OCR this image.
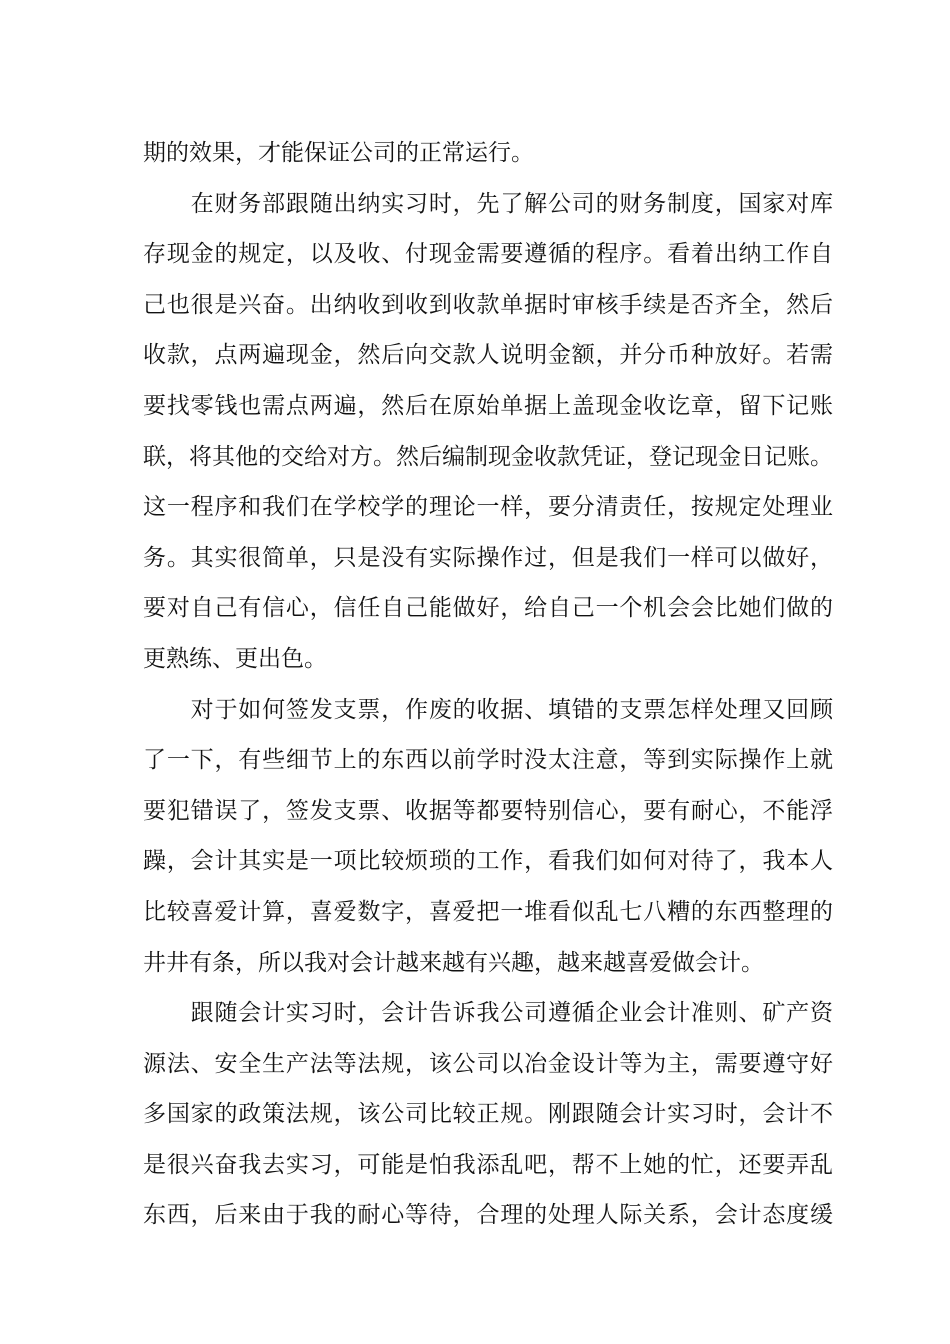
期的效果，才能保证公司的正常运行。
　　在财务部跟随出纳实习时，先了解公司的财务制度，国家对库
存现金的规定，以及收、付现金需要遵循的程序。看着出纳工作自
己也很是兴奋。出纳收到收到收款单据时审核手续是否齐全，然后
收款，点两遍现金，然后向交款人说明金额，并分币种放好。若需
要找零钱也需点两遍，然后在原始单据上盖现金收讫章，留下记账
联，将其他的交给对方。然后编制现金收款凭证，登记现金日记账。
这一程序和我们在学校学的理论一样，要分清责任，按规定处理业
务。其实很简单，只是没有实际操作过，但是我们一样可以做好，
要对自己有信心，信任自己能做好，给自己一个机会会比她们做的
更熟练、更出色。
　　对于如何签发支票，作废的收据、填错的支票怎样处理又回顾
了一下，有些细节上的东西以前学时没太注意，等到实际操作上就
要犯错误了，签发支票、收据等都要特别信心，要有耐心，不能浮
躁，会计其实是一项比较烦琐的工作，看我们如何对待了，我本人
比较喜爱计算，喜爱数字，喜爱把一堆看似乱七八糟的东西整理的
井井有条，所以我对会计越来越有兴趣，越来越喜爱做会计。
　　跟随会计实习时，会计告诉我公司遵循企业会计准则、矿产资
源法、安全生产法等法规，该公司以冶金设计等为主，需要遵守好
多国家的政策法规，该公司比较正规。刚跟随会计实习时，会计不
是很兴奋我去实习，可能是怕我添乱吧，帮不上她的忙，还要弄乱
东西，后来由于我的耐心等待，合理的处理人际关系，会计态度缓
